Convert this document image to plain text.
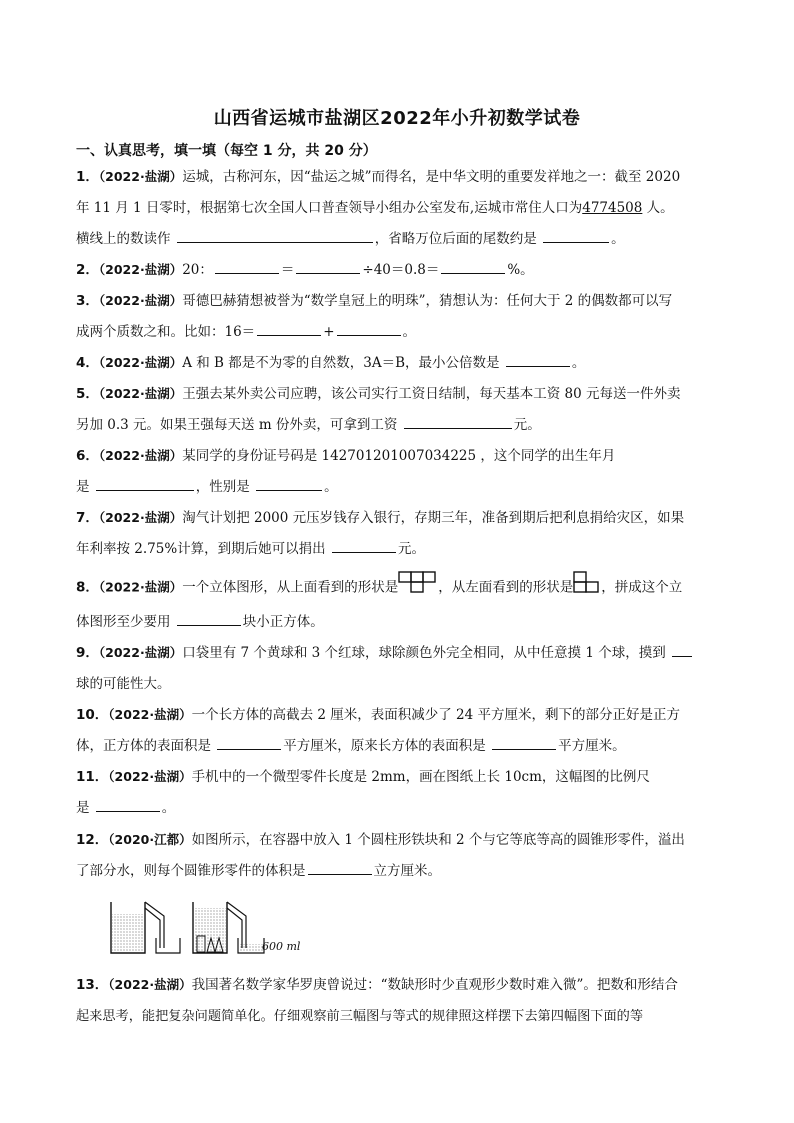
山西省运城市盐湖区2022年小升初数学试卷
一、认真思考，填一填（每空 1 分，共 20 分）
1．（2022·盐湖）运城，古称河东，因“盐运之城”而得名，是中华文明的重要发祥地之一：截至 2020
年 11 月 1 日零时，根据第七次全国人口普查领导小组办公室发布,运城市常住人口为4774508 人。
横线上的数读作	，省略万位后面的尾数约是	。
2．（2022·盐湖）20：	＝	÷40＝0.8＝	%。
3．（2022·盐湖）哥德巴赫猜想被誉为“数学皇冠上的明珠”，猜想认为：任何大于 2 的偶数都可以写
成两个质数之和。比如：16＝	+	。
4．（2022·盐湖）A 和 B 都是不为零的自然数，3A＝B，最小公倍数是	。
5．（2022·盐湖）王强去某外卖公司应聘，该公司实行工资日结制，每天基本工资 80 元每送一件外卖
另加 0.3 元。如果王强每天送 m 份外卖，可拿到工资	元。
6．（2022·盐湖）某同学的身份证号码是 142701201007034225 ，这个同学的出生年月
是	，性别是	。
7．（2022·盐湖）淘气计划把 2000 元压岁钱存入银行，存期三年，准备到期后把利息捐给灾区，如果
年利率按 2.75%计算，到期后她可以捐出	元。
8．（2022·盐湖）一个立体图形，从上面看到的形状是	，从左面看到的形状是 ，拼成这个立
体图形至少要用	块小正方体。
9．（2022·盐湖）口袋里有 7 个黄球和 3 个红球，球除颜色外完全相同，从中任意摸 1 个球，摸到
球的可能性大。
10．（2022·盐湖）一个长方体的高截去 2 厘米，表面积减少了 24 平方厘米，剩下的部分正好是正方
体，正方体的表面积是	平方厘米，原来长方体的表面积是	平方厘米。
11．（2022·盐湖）手机中的一个微型零件长度是 2mm，画在图纸上长 10cm，这幅图的比例尺
是	。
12．（2020·江都）如图所示，在容器中放入 1 个圆柱形铁块和 2 个与它等底等高的圆锥形零件，溢出
了部分水，则每个圆锥形零件的体积是	立方厘米。
600 ml
13．（2022·盐湖）我国著名数学家华罗庚曾说过：“数缺形时少直观形少数时难入微”。把数和形结合
起来思考，能把复杂问题简单化。仔细观察前三幅图与等式的规律照这样摆下去第四幅图下面的等
